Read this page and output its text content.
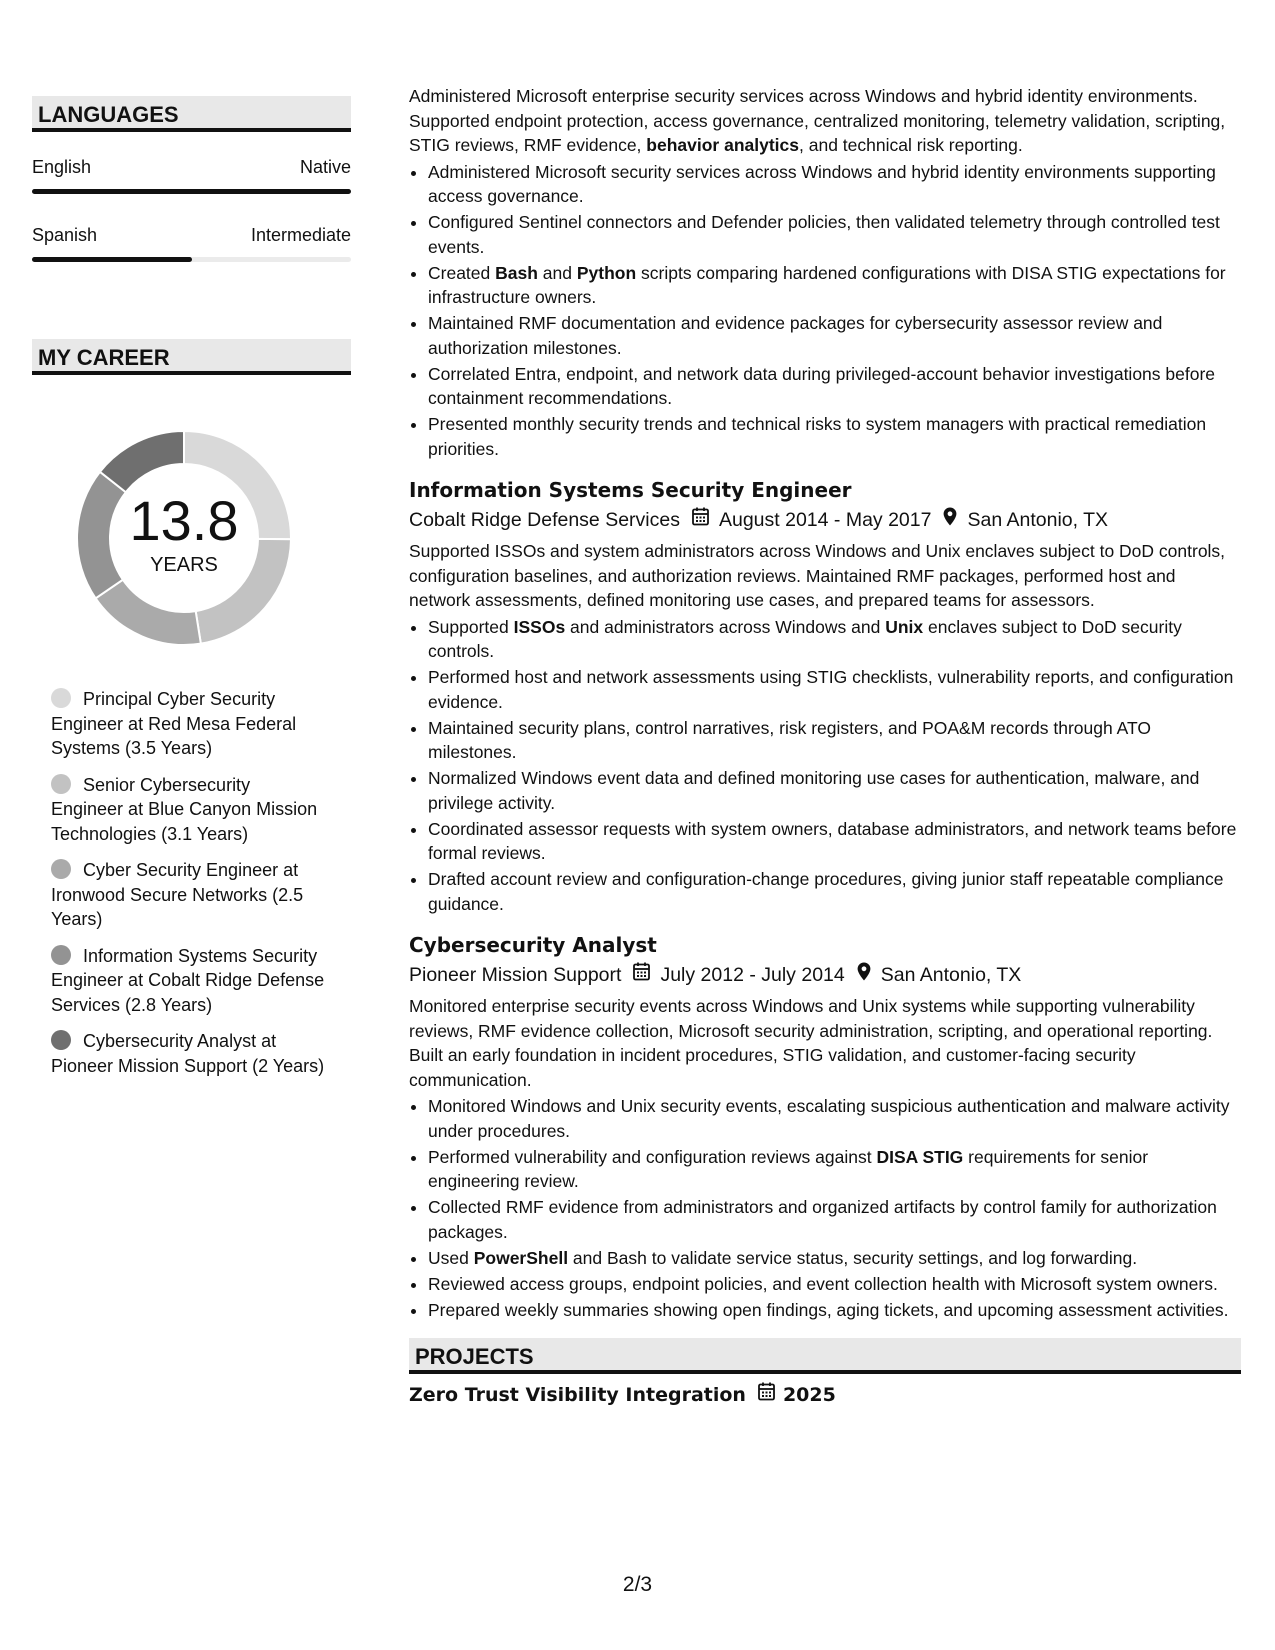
LANGUAGES
English	Native
Spanish	Intermediate
MY CAREER
13.8
YEARS
Principal Cyber Security Engineer at Red Mesa Federal Systems (3.5 Years)
Senior Cybersecurity Engineer at Blue Canyon Mission Technologies (3.1 Years)
Cyber Security Engineer at Ironwood Secure Networks (2.5 Years)
Information Systems Security Engineer at Cobalt Ridge Defense Services (2.8 Years)
Cybersecurity Analyst at Pioneer Mission Support (2 Years)

Administered Microsoft enterprise security services across Windows and hybrid identity environments. Supported endpoint protection, access governance, centralized monitoring, telemetry validation, scripting, STIG reviews, RMF evidence, behavior analytics, and technical risk reporting.

• Administered Microsoft security services across Windows and hybrid identity environments supporting access governance.
• Configured Sentinel connectors and Defender policies, then validated telemetry through controlled test events.
• Created Bash and Python scripts comparing hardened configurations with DISA STIG expectations for infrastructure owners.
• Maintained RMF documentation and evidence packages for cybersecurity assessor review and authorization milestones.
• Correlated Entra, endpoint, and network data during privileged-account behavior investigations before containment recommendations.
• Presented monthly security trends and technical risks to system managers with practical remediation priorities.
Information Systems Security Engineer
Cobalt Ridge Defense Services August 2014 - May 2017 San Antonio, TX

Supported ISSOs and system administrators across Windows and Unix enclaves subject to DoD controls, configuration baselines, and authorization reviews. Maintained RMF packages, performed host and network assessments, defined monitoring use cases, and prepared teams for assessors.

• Supported ISSOs and administrators across Windows and Unix enclaves subject to DoD security controls.
• Performed host and network assessments using STIG checklists, vulnerability reports, and configuration evidence.
• Maintained security plans, control narratives, risk registers, and POA&M records through ATO milestones.
• Normalized Windows event data and defined monitoring use cases for authentication, malware, and privilege activity.
• Coordinated assessor requests with system owners, database administrators, and network teams before formal reviews.
• Drafted account review and configuration-change procedures, giving junior staff repeatable compliance guidance.
Cybersecurity Analyst
Pioneer Mission Support July 2012 - July 2014 San Antonio, TX

Monitored enterprise security events across Windows and Unix systems while supporting vulnerability reviews, RMF evidence collection, Microsoft security administration, scripting, and operational reporting. Built an early foundation in incident procedures, STIG validation, and customer-facing security communication.

• Monitored Windows and Unix security events, escalating suspicious authentication and malware activity under procedures.
• Performed vulnerability and configuration reviews against DISA STIG requirements for senior engineering review.
• Collected RMF evidence from administrators and organized artifacts by control family for authorization packages.
• Used PowerShell and Bash to validate service status, security settings, and log forwarding.
• Reviewed access groups, endpoint policies, and event collection health with Microsoft system owners.
• Prepared weekly summaries showing open findings, aging tickets, and upcoming assessment activities.
PROJECTS
Zero Trust Visibility Integration 2025
2/3
